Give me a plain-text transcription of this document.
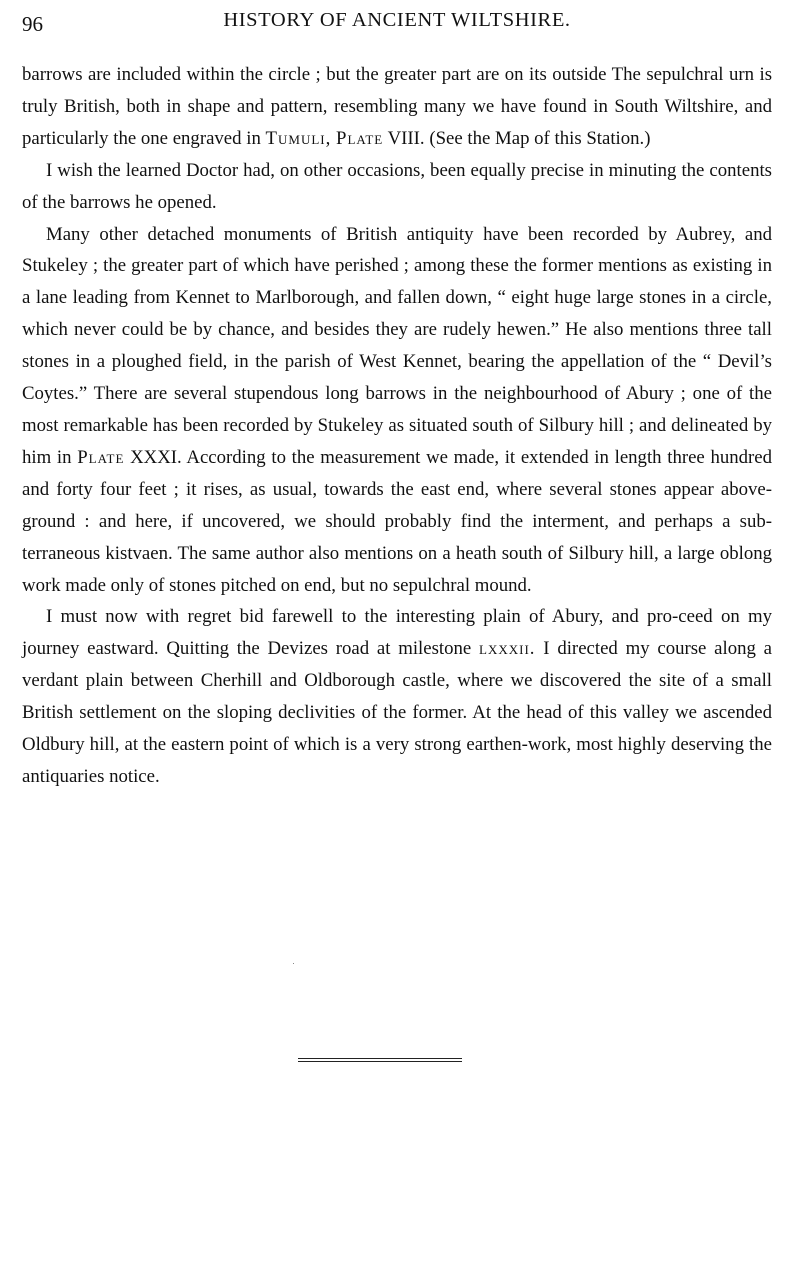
96	HISTORY OF ANCIENT WILTSHIRE.

barrows are included within the circle ; but the greater part are on its outside The sepulchral urn is truly British, both in shape and pattern, resembling many we have found in South Wiltshire, and particularly the one engraved in Tumuli, Plate VIII. (See the Map of this Station.)

I wish the learned Doctor had, on other occasions, been equally precise in minuting the contents of the barrows he opened.

Many other detached monuments of British antiquity have been recorded by Aubrey, and Stukeley ; the greater part of which have perished ; among these the former mentions as existing in a lane leading from Kennet to Marlborough, and fallen down, “ eight huge large stones in a circle, which never could be by chance, and besides they are rudely hewen.” He also mentions three tall stones in a ploughed field, in the parish of West Kennet, bearing the appellation of the “ Devil’s Coytes.” There are several stupendous long barrows in the neighbourhood of Abury ; one of the most remarkable has been recorded by Stukeley as situated south of Silbury hill ; and delineated by him in Plate XXXI. According to the measurement we made, it extended in length three hundred and forty four feet ; it rises, as usual, towards the east end, where several stones appear above-ground : and here, if uncovered, we should probably find the interment, and perhaps a sub-terraneous kistvaen. The same author also mentions on a heath south of Silbury hill, a large oblong work made only of stones pitched on end, but no sepulchral mound.

I must now with regret bid farewell to the interesting plain of Abury, and pro-ceed on my journey eastward. Quitting the Devizes road at milestone lxxxii. I directed my course along a verdant plain between Cherhill and Oldborough castle, where we discovered the site of a small British settlement on the sloping declivities of the former. At the head of this valley we ascended Oldbury hill, at the eastern point of which is a very strong earthen-work, most highly deserving the antiquaries notice.
